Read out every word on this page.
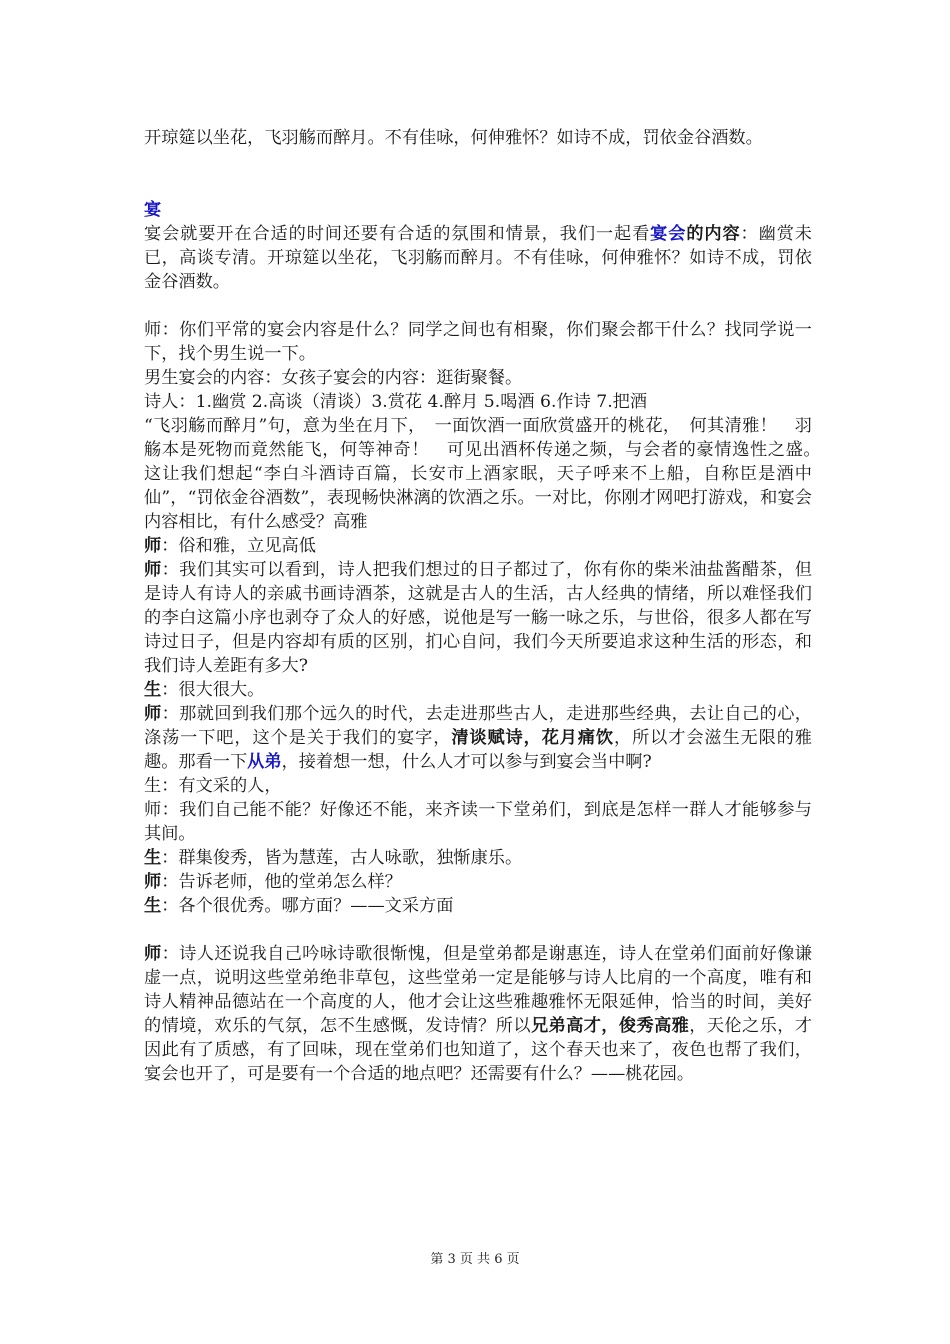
开琼筵以坐花，飞羽觞而醉月。不有佳咏，何伸雅怀？如诗不成，罚依金谷酒数。

宴

宴会就要开在合适的时间还要有合适的氛围和情景，我们一起看宴会的内容：幽赏未已，高谈专清。开琼筵以坐花，飞羽觞而醉月。不有佳咏，何伸雅怀？如诗不成，罚依金谷酒数。

师：你们平常的宴会内容是什么？同学之间也有相聚，你们聚会都干什么？找同学说一下，找个男生说一下。

男生宴会的内容：女孩子宴会的内容：逛街聚餐。

诗人：1.幽赏 2.高谈（清谈）3.赏花 4.醉月 5.喝酒 6.作诗 7.把酒

“飞羽觞而醉月”句，意为坐在月下，　一面饮酒一面欣赏盛开的桃花，　何其清雅！　羽觞本是死物而竟然能飞，何等神奇！　可见出酒杯传递之频，与会者的豪情逸性之盛。　这让我们想起“李白斗酒诗百篇，长安市上酒家眠，天子呼来不上船，自称臣是酒中仙”，“罚依金谷酒数”，表现畅快淋漓的饮酒之乐。一对比，你刚才网吧打游戏，和宴会内容相比，有什么感受？高雅

师：俗和雅，立见高低

师：我们其实可以看到，诗人把我们想过的日子都过了，你有你的柴米油盐酱醋茶，但是诗人有诗人的亲戚书画诗酒茶，这就是古人的生活，古人经典的情绪，所以难怪我们的李白这篇小序也剥夺了众人的好感，说他是写一觞一咏之乐，与世俗，很多人都在写诗过日子，但是内容却有质的区别，扪心自问，我们今天所要追求这种生活的形态，和我们诗人差距有多大?

生：很大很大。

师：那就回到我们那个远久的时代，去走进那些古人，走进那些经典，去让自己的心，涤荡一下吧，这个是关于我们的宴字，清谈赋诗，花月痛饮，所以才会滋生无限的雅趣。那看一下从弟，接着想一想，什么人才可以参与到宴会当中啊?

生：有文采的人，

师：我们自己能不能？好像还不能，来齐读一下堂弟们，到底是怎样一群人才能够参与其间。

生：群集俊秀，皆为慧莲，古人咏歌，独惭康乐。

师：告诉老师，他的堂弟怎么样？

生：各个很优秀。哪方面？——文采方面

师：诗人还说我自己吟咏诗歌很惭愧，但是堂弟都是谢惠连，诗人在堂弟们面前好像谦虚一点，说明这些堂弟绝非草包，这些堂弟一定是能够与诗人比肩的一个高度，唯有和诗人精神品德站在一个高度的人，他才会让这些雅趣雅怀无限延伸，恰当的时间，美好的情境，欢乐的气氛，怎不生感慨，发诗情？所以兄弟高才，俊秀高雅，天伦之乐，才因此有了质感，有了回味，现在堂弟们也知道了，这个春天也来了，夜色也帮了我们，宴会也开了，可是要有一个合适的地点吧？还需要有什么？——桃花园。

第 3 页 共 6 页
